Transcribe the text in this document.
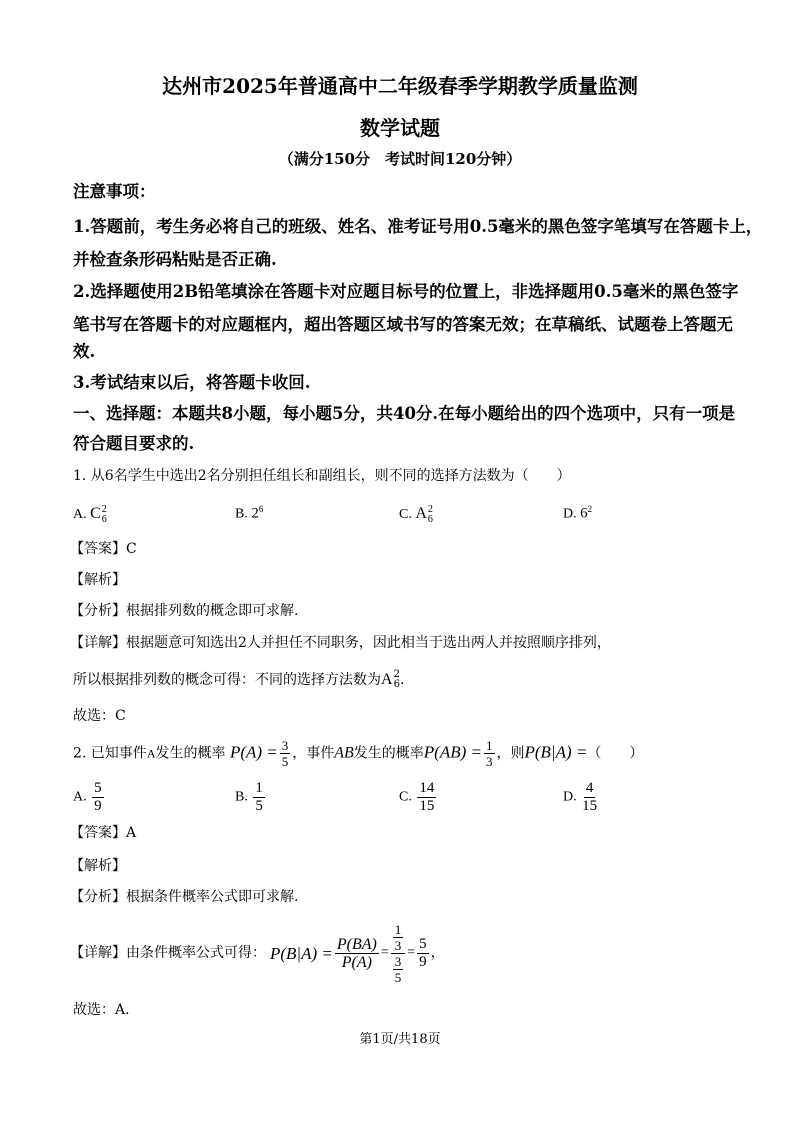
达州市2025年普通高中二年级春季学期教学质量监测
数学试题
（满分150分　考试时间120分钟）
注意事项：
1.答题前，考生务必将自己的班级、姓名、准考证号用0.5毫米的黑色签字笔填写在答题卡上，
并检查条形码粘贴是否正确.
2.选择题使用2B铅笔填涂在答题卡对应题目标号的位置上，非选择题用0.5毫米的黑色签字
笔书写在答题卡的对应题框内，超出答题区域书写的答案无效；在草稿纸、试题卷上答题无
效.
3.考试结束以后，将答题卡收回.
一、选择题：本题共8小题，每小题5分，共40分.在每小题给出的四个选项中，只有一项是
符合题目要求的.
1. 从6名学生中选出2名分别担任组长和副组长，则不同的选择方法数为（　　）
A. C 2
6	B. $2^6$	C. A 2
6	D. $6^2$
【答案】C
【解析】
【分析】根据排列数的概念即可求解.
【详解】根据题意可知选出2人并担任不同职务，因此相当于选出两人并按照顺序排列，
所以根据排列数的概念可得：不同的选择方法数为A 2
6 .
故选：C
2. 已知事件A发生的概率 $P(A) = \frac{3}{5}$ ，事件AB发生的概率$P(AB) = \frac{1}{3}$ ，则P(B|A) =（　　）
A. $\frac{5}{9}$	B. $\frac{1}{5}$	C. $\frac{14}{15}$	D. $\frac{4}{15}$
【答案】A
【解析】
【分析】根据条件概率公式即可求解.
【详解】由条件概率公式可得： $P(B|A) = \frac{P(BA)}{P(A)} = \frac{\frac{1}{3}}{\frac{3}{5}} = \frac{5}{9}$ ，
故选：A.
第1页/共18页
